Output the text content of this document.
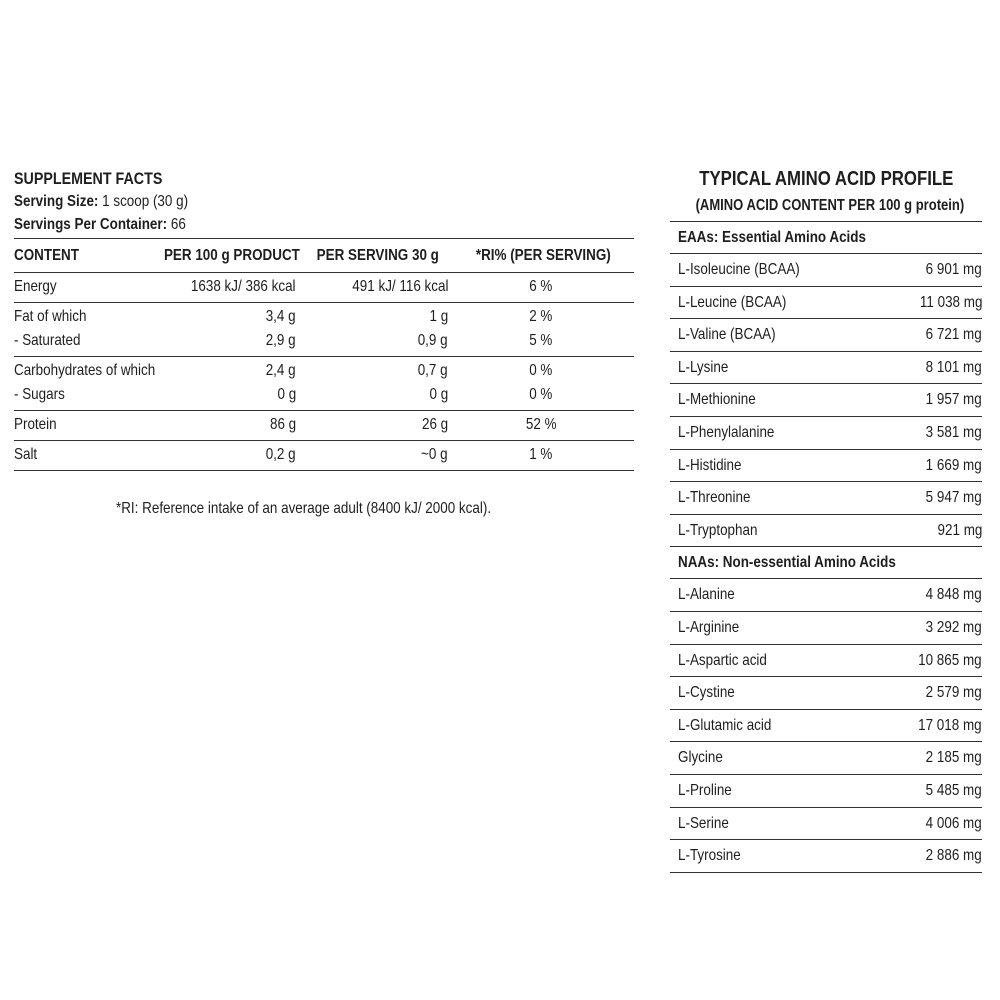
SUPPLEMENT FACTS
Serving Size: 1 scoop (30 g)
Servings Per Container: 66
CONTENT	PER 100 g PRODUCT	PER SERVING 30 g	*RI% (PER SERVING)
Energy	1638 kJ/ 386 kcal	491 kJ/ 116 kcal	6 %
Fat of which	3,4 g	1 g	2 %
- Saturated	2,9 g	0,9 g	5 %
Carbohydrates of which	2,4 g	0,7 g	0 %
- Sugars	0 g	0 g	0 %
Protein	86 g	26 g	52 %
Salt	0,2 g	~0 g	1 %
*RI: Reference intake of an average adult (8400 kJ/ 2000 kcal).
TYPICAL AMINO ACID PROFILE
(AMINO ACID CONTENT PER 100 g protein)
EAAs: Essential Amino Acids
L-Isoleucine (BCAA)	6 901 mg
L-Leucine (BCAA)	11 038 mg
L-Valine (BCAA)	6 721 mg
L-Lysine	8 101 mg
L-Methionine	1 957 mg
L-Phenylalanine	3 581 mg
L-Histidine	1 669 mg
L-Threonine	5 947 mg
L-Tryptophan	921 mg
NAAs: Non-essential Amino Acids
L-Alanine	4 848 mg
L-Arginine	3 292 mg
L-Aspartic acid	10 865 mg
L-Cystine	2 579 mg
L-Glutamic acid	17 018 mg
Glycine	2 185 mg
L-Proline	5 485 mg
L-Serine	4 006 mg
L-Tyrosine	2 886 mg
